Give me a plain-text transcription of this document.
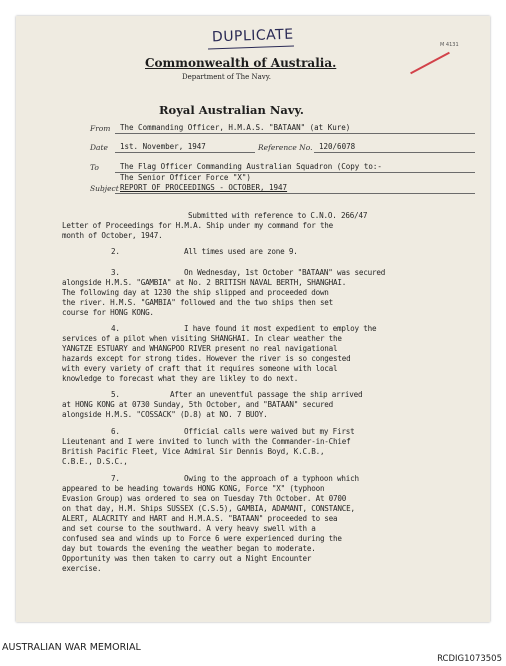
DUPLICATE	M 4131
Commonwealth of Australia.
Department of The Navy.
Royal Australian Navy.
From The Commanding Officer, H.M.A.S. "BATAAN" (at Kure)
Date 1st. November, 1947	Reference No. 120/6078
To	The Flag Officer Commanding Australian Squadron (Copy to:-
The Senior Officer Force "X")
Subject REPORT OF PROCEEDINGS - OCTOBER, 1947
Submitted with reference to C.N.O. 266/47
Letter of Proceedings for H.M.A. Ship under my command for the
month of October, 1947.
2.	All times used are zone 9.
3.	On Wednesday, 1st October "BATAAN" was secured
alongside H.M.S. "GAMBIA" at No. 2 BRITISH NAVAL BERTH, SHANGHAI.
The following day at 1230 the ship slipped and proceeded down
the river. H.M.S. "GAMBIA" followed and the two ships then set
course for HONG KONG.
4.	I have found it most expedient to employ the
services of a pilot when visiting SHANGHAI. In clear weather the
YANGTZE ESTUARY and WHANGPOO RIVER present no real navigational
hazards except for strong tides. However the river is so congested
with every variety of craft that it requires someone with local
knowledge to forecast what they are likley to do next.
5.	After an uneventful passage the ship arrived
at HONG KONG at 0730 Sunday, 5th October, and "BATAAN" secured
alongside H.M.S. "COSSACK" (D.8) at NO. 7 BUOY.
6.	Official calls were waived but my First
Lieutenant and I were invited to lunch with the Commander-in-Chief
British Pacific Fleet, Vice Admiral Sir Dennis Boyd, K.C.B.,
C.B.E., D.S.C.,
7.	Owing to the approach of a typhoon which
appeared to be heading towards HONG KONG, Force "X" (typhoon
Evasion Group) was ordered to sea on Tuesday 7th October. At 0700
on that day, H.M. Ships SUSSEX (C.S.5), GAMBIA, ADAMANT, CONSTANCE,
ALERT, ALACRITY and HART and H.M.A.S. "BATAAN" proceeded to sea
and set course to the southward. A very heavy swell with a
confused sea and winds up to Force 6 were experienced during the
day but towards the evening the weather began to moderate.
Opportunity was then taken to carry out a Night Encounter
exercise.
AUSTRALIAN WAR MEMORIAL
RCDIG1073505
